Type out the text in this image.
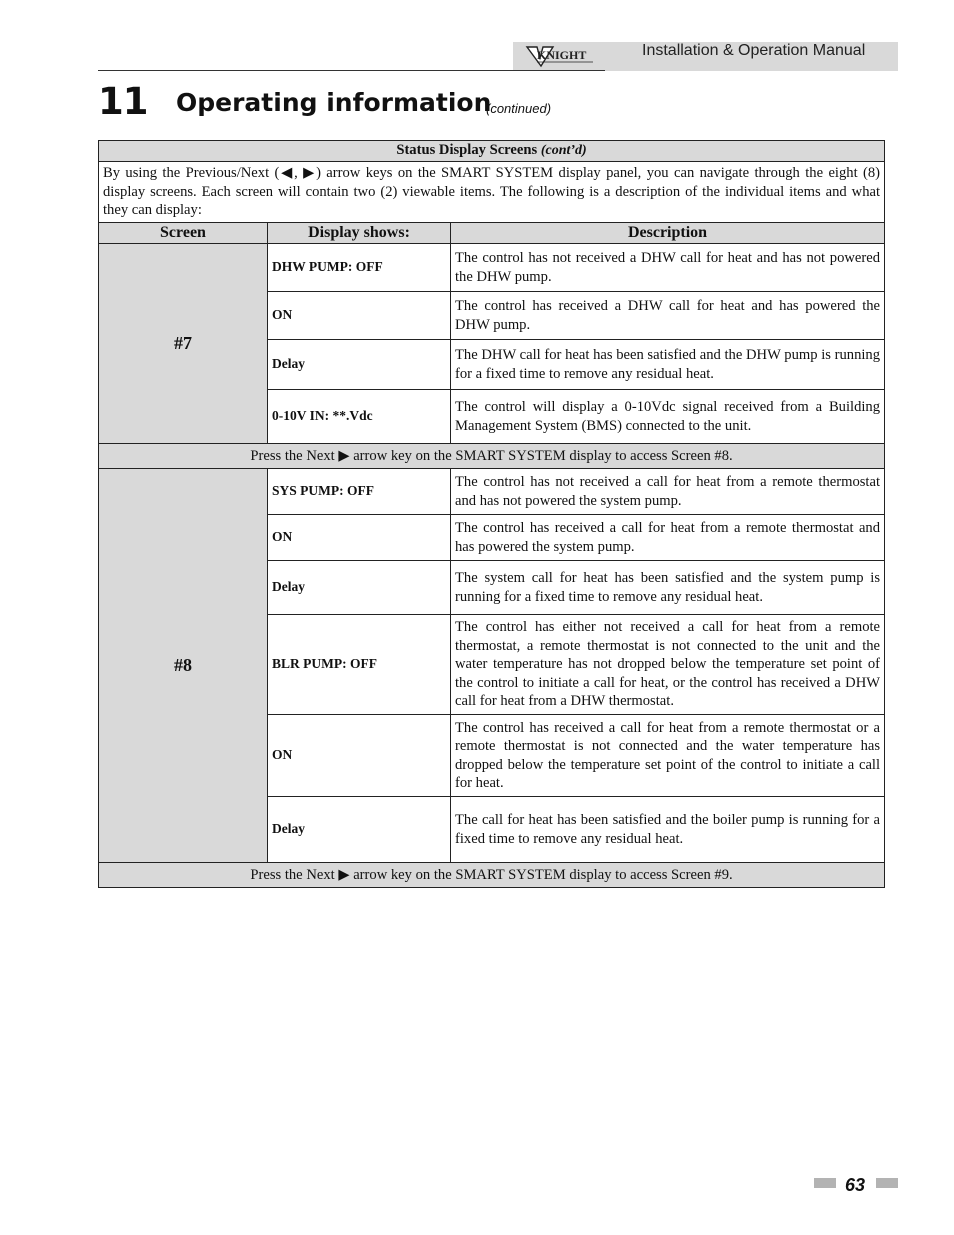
KNIGHT	Installation & Operation Manual
11 Operating information
(continued)
Status Display Screens (cont’d)		
By using the Previous/Next (◀, ▶) arrow keys on the SMART SYSTEM display panel, you can navigate through the eight (8) display screens. Each screen will contain two (2) viewable items. The following is a description of the individual items and what they can display:		
Screen	Display shows:	Description
#7	DHW PUMP: OFF	The control has not received a DHW call for heat and has not powered the DHW pump.
	ON	The control has received a DHW call for heat and has powered the DHW pump.
	Delay	The DHW call for heat has been satisfied and the DHW pump is running for a fixed time to remove any residual heat.
	0-10V IN: **.Vdc	The control will display a 0-10Vdc signal received from a Building Management System (BMS) connected to the unit.
Press the Next ▶ arrow key on the SMART SYSTEM display to access Screen #8.		
#8	SYS PUMP: OFF	The control has not received a call for heat from a remote thermostat and has not powered the system pump.
	ON	The control has received a call for heat from a remote thermostat and has powered the system pump.
	Delay	The system call for heat has been satisfied and the system pump is running for a fixed time to remove any residual heat.
	BLR PUMP: OFF	The control has either not received a call for heat from a remote thermostat, a remote thermostat is not connected to the unit and the water temperature has not dropped below the temperature set point of the control to initiate a call for heat, or the control has received a DHW call for heat from a DHW thermostat.
	ON	The control has received a call for heat from a remote thermostat or a remote thermostat is not connected and the water temperature has dropped below the temperature set point of the control to initiate a call for heat.
	Delay	The call for heat has been satisfied and the boiler pump is running for a fixed time to remove any residual heat.
Press the Next ▶ arrow key on the SMART SYSTEM display to access Screen #9.		
63
